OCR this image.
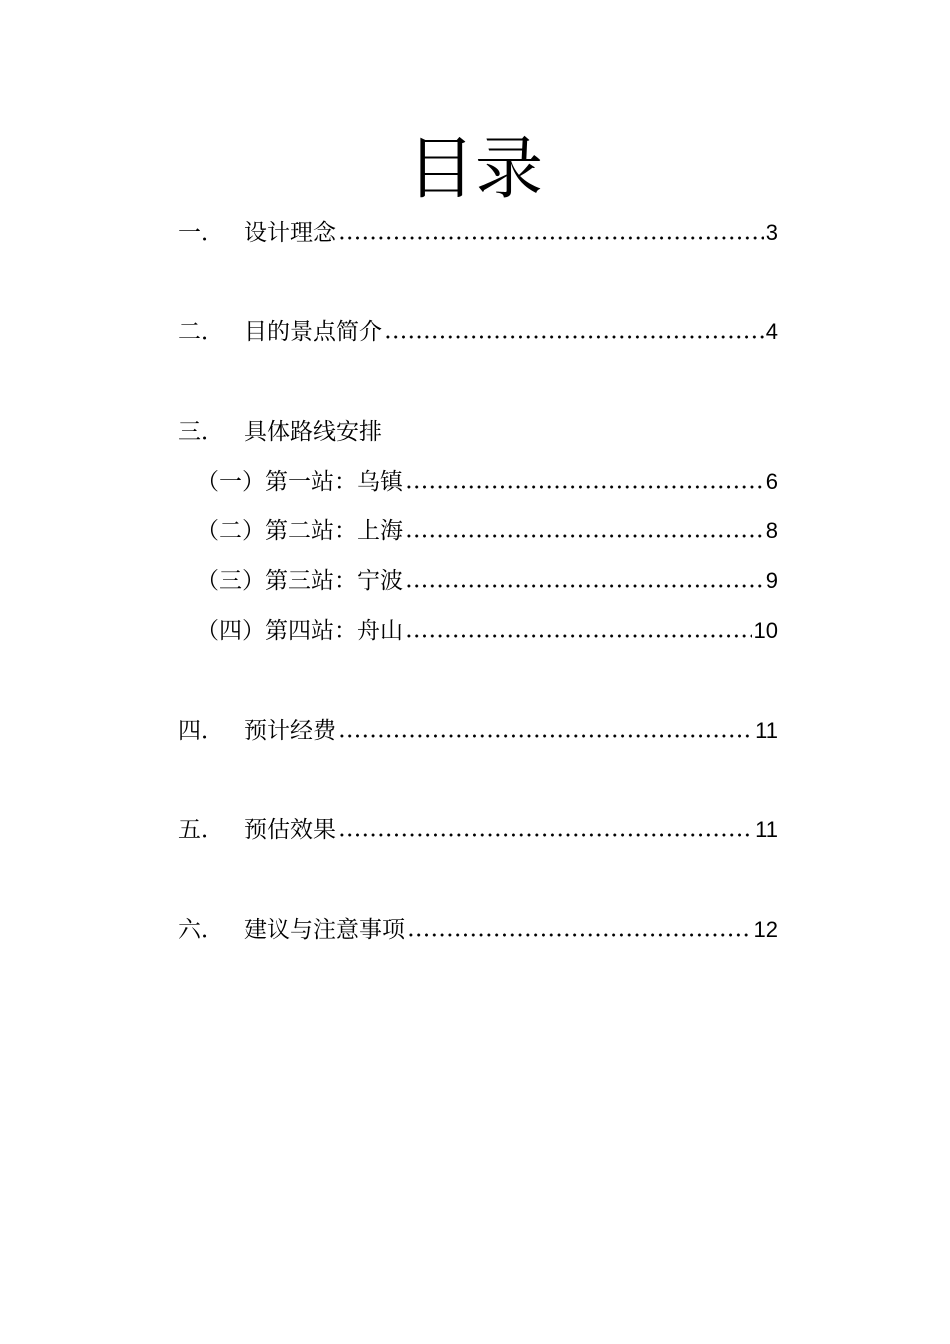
目录
一． 设计理念	3
二． 目的景点简介	4
三． 具体路线安排
（一） 第一站：乌镇	6
（二） 第二站：上海	8
（三） 第三站：宁波	9
（四） 第四站：舟山	10
四． 预计经费	11
五． 预估效果	11
六． 建议与注意事项	12
